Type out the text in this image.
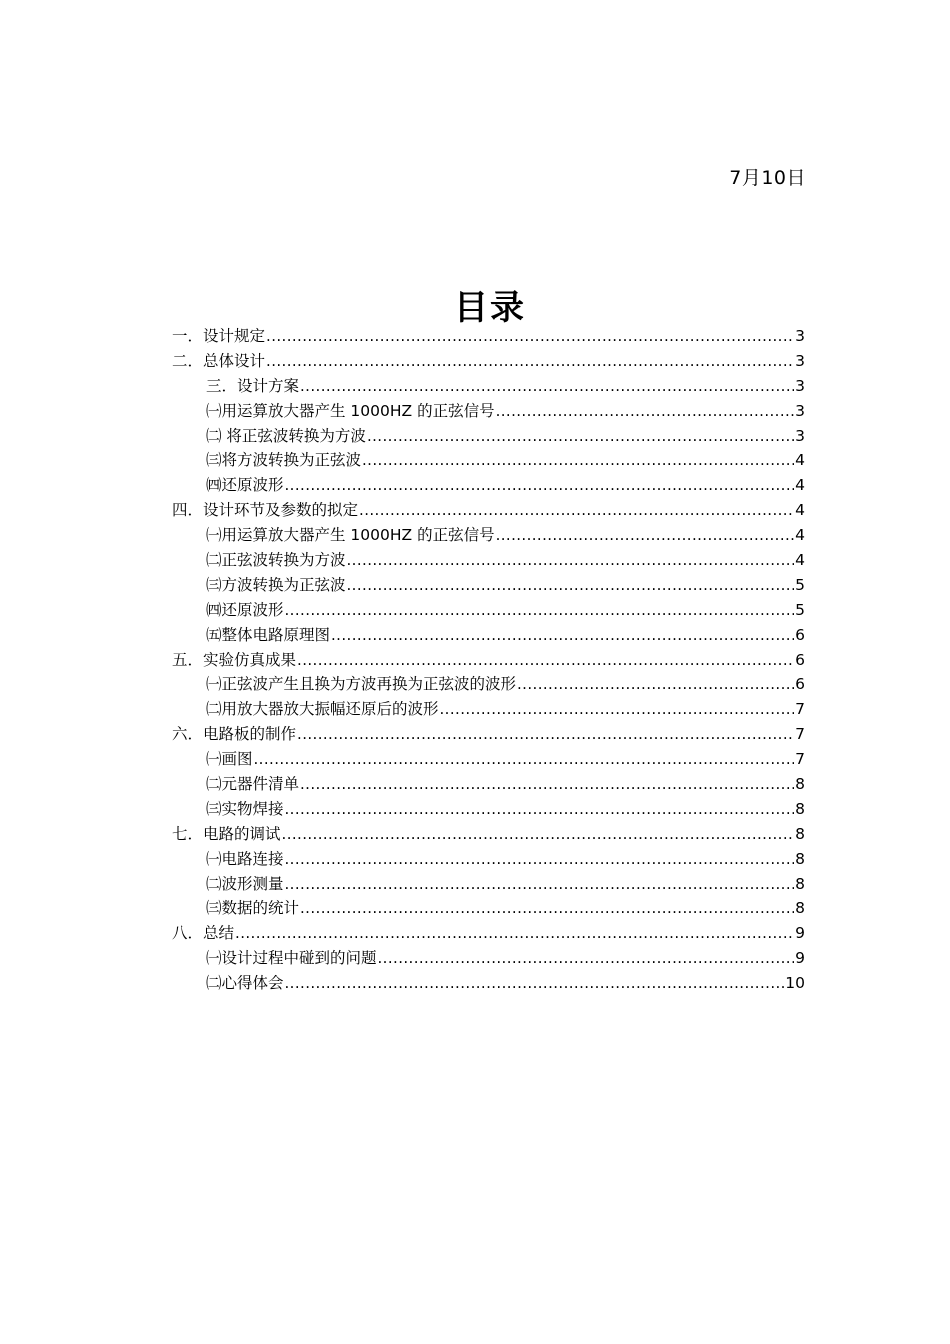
7月10日
目录
一． 设计规定 .....	3
二． 总体设计 .....	3
三．设计方案 .....	3
㈠用运算放大器产生 1000HZ 的正弦信号 .....	3
㈡ 将正弦波转换为方波 .....	3
㈢将方波转换为正弦波 .....	4
㈣还原波形 .....	4
四． 设计环节及参数的拟定 .....	4
㈠用运算放大器产生 1000HZ 的正弦信号 .....	4
㈡正弦波转换为方波 .....	4
㈢方波转换为正弦波 .....	5
㈣还原波形 .....	5
㈤整体电路原理图 .....	6
五． 实验仿真成果 .....	6
㈠正弦波产生且换为方波再换为正弦波的波形 .....	6
㈡用放大器放大振幅还原后的波形 .....	7
六． 电路板的制作 .....	7
㈠画图 .....	7
㈡元器件清单 .....	8
㈢实物焊接 .....	8
七． 电路的调试 .....	8
㈠电路连接 .....	8
㈡波形测量 .....	8
㈢数据的统计 .....	8
八． 总结 .....	9
㈠设计过程中碰到的问题 .....	9
㈡心得体会 .....	10
